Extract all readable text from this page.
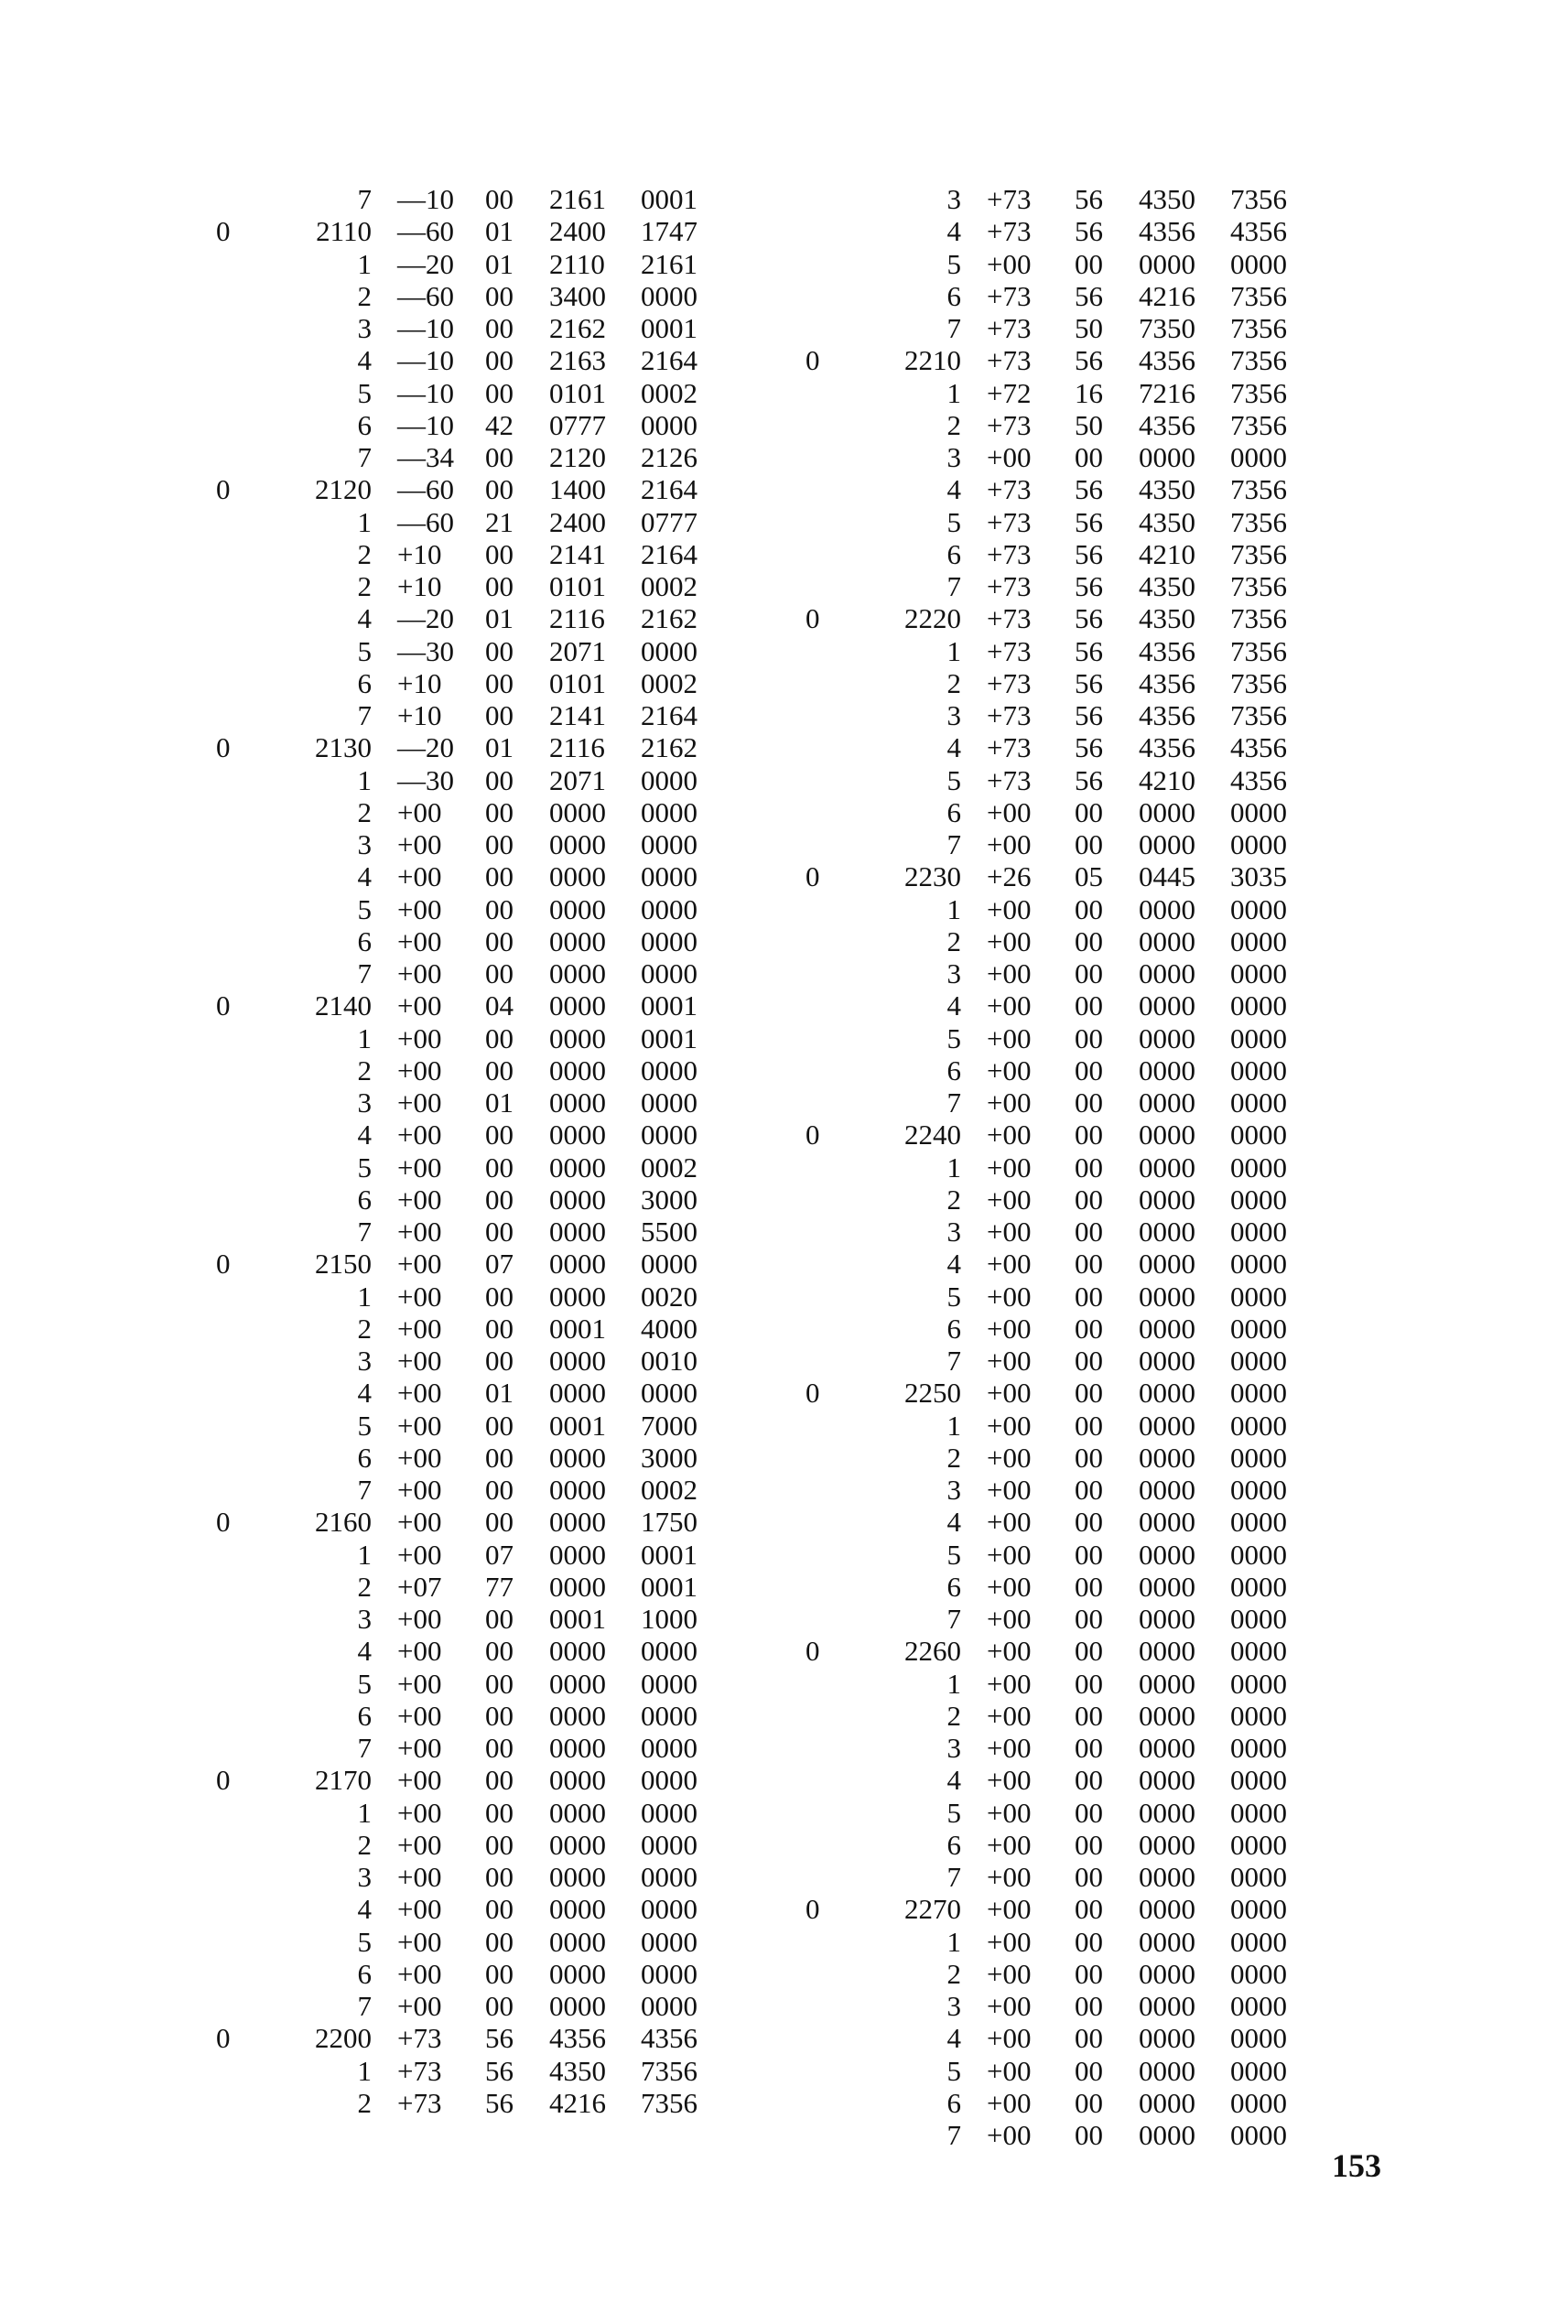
	7	—10	00	2161	0001
0	2110	—60	01	2400	1747
	1	—20	01	2110	2161
	2	—60	00	3400	0000
	3	—10	00	2162	0001
	4	—10	00	2163	2164
	5	—10	00	0101	0002
	6	—10	42	0777	0000
	7	—34	00	2120	2126
0	2120	—60	00	1400	2164
	1	—60	21	2400	0777
	2	+10	00	2141	2164
	2	+10	00	0101	0002
	4	—20	01	2116	2162
	5	—30	00	2071	0000
	6	+10	00	0101	0002
	7	+10	00	2141	2164
0	2130	—20	01	2116	2162
	1	—30	00	2071	0000
	2	+00	00	0000	0000
	3	+00	00	0000	0000
	4	+00	00	0000	0000
	5	+00	00	0000	0000
	6	+00	00	0000	0000
	7	+00	00	0000	0000
0	2140	+00	04	0000	0001
	1	+00	00	0000	0001
	2	+00	00	0000	0000
	3	+00	01	0000	0000
	4	+00	00	0000	0000
	5	+00	00	0000	0002
	6	+00	00	0000	3000
	7	+00	00	0000	5500
0	2150	+00	07	0000	0000
	1	+00	00	0000	0020
	2	+00	00	0001	4000
	3	+00	00	0000	0010
	4	+00	01	0000	0000
	5	+00	00	0001	7000
	6	+00	00	0000	3000
	7	+00	00	0000	0002
0	2160	+00	00	0000	1750
	1	+00	07	0000	0001
	2	+07	77	0000	0001
	3	+00	00	0001	1000
	4	+00	00	0000	0000
	5	+00	00	0000	0000
	6	+00	00	0000	0000
	7	+00	00	0000	0000
0	2170	+00	00	0000	0000
	1	+00	00	0000	0000
	2	+00	00	0000	0000
	3	+00	00	0000	0000
	4	+00	00	0000	0000
	5	+00	00	0000	0000
	6	+00	00	0000	0000
	7	+00	00	0000	0000
0	2200	+73	56	4356	4356
	1	+73	56	4350	7356
	2	+73	56	4216	7356
	3	+73	56	4350	7356
	4	+73	56	4356	4356
	5	+00	00	0000	0000
	6	+73	56	4216	7356
	7	+73	50	7350	7356
0	2210	+73	56	4356	7356
	1	+72	16	7216	7356
	2	+73	50	4356	7356
	3	+00	00	0000	0000
	4	+73	56	4350	7356
	5	+73	56	4350	7356
	6	+73	56	4210	7356
	7	+73	56	4350	7356
0	2220	+73	56	4350	7356
	1	+73	56	4356	7356
	2	+73	56	4356	7356
	3	+73	56	4356	7356
	4	+73	56	4356	4356
	5	+73	56	4210	4356
	6	+00	00	0000	0000
	7	+00	00	0000	0000
0	2230	+26	05	0445	3035
	1	+00	00	0000	0000
	2	+00	00	0000	0000
	3	+00	00	0000	0000
	4	+00	00	0000	0000
	5	+00	00	0000	0000
	6	+00	00	0000	0000
	7	+00	00	0000	0000
0	2240	+00	00	0000	0000
	1	+00	00	0000	0000
	2	+00	00	0000	0000
	3	+00	00	0000	0000
	4	+00	00	0000	0000
	5	+00	00	0000	0000
	6	+00	00	0000	0000
	7	+00	00	0000	0000
0	2250	+00	00	0000	0000
	1	+00	00	0000	0000
	2	+00	00	0000	0000
	3	+00	00	0000	0000
	4	+00	00	0000	0000
	5	+00	00	0000	0000
	6	+00	00	0000	0000
	7	+00	00	0000	0000
0	2260	+00	00	0000	0000
	1	+00	00	0000	0000
	2	+00	00	0000	0000
	3	+00	00	0000	0000
	4	+00	00	0000	0000
	5	+00	00	0000	0000
	6	+00	00	0000	0000
	7	+00	00	0000	0000
0	2270	+00	00	0000	0000
	1	+00	00	0000	0000
	2	+00	00	0000	0000
	3	+00	00	0000	0000
	4	+00	00	0000	0000
	5	+00	00	0000	0000
	6	+00	00	0000	0000
	7	+00	00	0000	0000
153
